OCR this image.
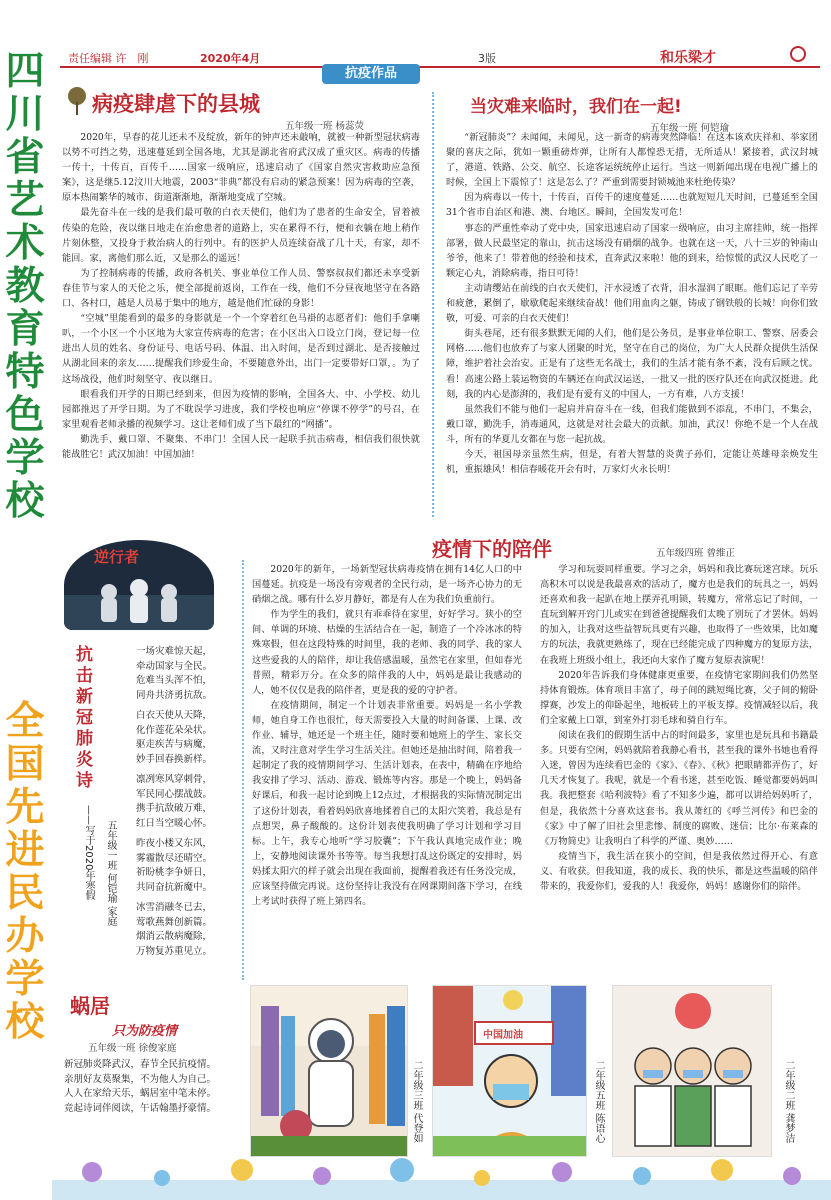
四川省艺术教育特色学校
全国先进民办学校
责任编辑 许　刚	2020年4月	3版	和乐梁才
抗疫作品
病疫肆虐下的县城
五年级一班 杨蕊荧

2020年，早春的花儿还未不及绽放，新年的钟声还未敲响，就被一种新型冠状病毒以势不可挡之势，迅速蔓延到全国各地，尤其是湖北省府武汉成了重灾区。病毒的传播一传十，十传百，百传千……国家一级响应，迅速启动了《国家自然灾害救助应急预案》，这是继5.12汶川大地震，2003“非典”都没有启动的紧急预案！因为病毒的空袭，原本热闹繁华的城市、街道渐渐地，渐渐地变成了空城。

最先奋斗在一线的是我们最可敬的白衣天使们，他们为了患者的生命安全，冒着被传染的危险，夜以继日地走在治愈患者的道路上，实在累得不行，便和衣躺在地上稍作片刻休整，又投身于救治病人的行列中。有的医护人员连续奋战了几十天，有家，却不能回。家，离他们那么近，又是那么的遥远！

为了控制病毒的传播，政府各机关、事业单位工作人员、警察叔叔们都还未享受新春佳节与家人的天伦之乐，便全部提前返岗，工作在一线，他们不分昼夜地坚守在各路口、各村口，越是人员易于集中的地方，越是他们忙碌的身影！

“空城”里能看到的最多的身影就是一个一个穿着红色马褂的志愿者们：他们手拿喇叭，一个小区一个小区地为大家宣传病毒的危害；在小区出入口设立门岗，登记每一位进出人员的姓名、身份证号、电话号码、体温、出入时间，是否到过湖北、是否接触过从湖北回来的亲友……提醒我们珍爱生命，不要随意外出，出门一定要带好口罩，。为了这场战役，他们时刻坚守、夜以继日。

眼看我们开学的日期已经到来，但因为疫情的影响，全国各大、中、小学校、幼儿园都推迟了开学日期。为了不耽误学习进度，我们学校也响应“停课不停学”的号召，在家里观看老师录播的视频学习。这让老师们成了当下最红的“网播”。

勤洗手、戴口罩、不聚集、不串门！全国人民一起联手抗击病毒，相信我们很快就能战胜它！武汉加油！中国加油！

当灾难来临时，我们在一起!
五年级一班 何铠瑜

“新冠肺炎”？未闻闻，未闻见，这一新奇的病毒突然降临！在这本该欢庆祥和、举家团聚的喜庆之际，犹如一颗重磅炸弹，让所有人都惶恐无措，无所适从！紧接着，武汉封城了，港道、铁路、公交、航空、长途客运统统停止运行。当这一则新闻出现在电视广播上的时候，全国上下震惊了！这是怎么了？严重到需要封锁城池来杜绝传染？

因为病毒以一传十，十传百，百传千的速度蔓延……也就短短几天时间，已蔓延至全国31个省市自治区和港、澳、台地区。瞬间，全国发发可危！

事态的严重性牵动了党中央，国家迅速启动了国家一级响应，由习主席挂帅，统一指挥部署，做人民最坚定的靠山，抗击这场没有硝烟的战争。也就在这一天，八十三岁的钟南山爷爷，他来了！带着他的经验和技术，直奔武汉来啦！他的到来，给惊慌的武汉人民吃了一颗定心丸，消除病毒，指日可待！

主动请缨站在前线的白衣天使们，汗水浸透了衣背，泪水湿润了眼眶。他们忘记了辛劳和疲惫，累倒了，歇歇爬起来继续奋战！他们用血肉之躯，铸成了钢铁般的长城！向你们致敬，可爱、可亲的白衣天使们！

街头巷尾，还有很多默默无闻的人们，他们是公务员，是事业单位职工、警察、居委会网格……他们也放弃了与家人团聚的时光，坚守在自己的岗位，为广大人民群众提供生活保障，维护着社会治安。正是有了这些无名战士，我们的生活才能有条不紊，没有后顾之忧。看！高速公路上装运物资的车辆还在向武汉运送，一批又一批的医疗队还在向武汉挺进。此刻，我的内心是澎湃的，我们是有爱有义的中国人，一方有难，八方支援！

虽然我们不能与他们一起肩并肩奋斗在一线，但我们能做到不添乱，不串门，不集会，戴口罩，勤洗手，消毒通风，这就是对社会最大的贡献。加油，武汉！你绝不是一个人在战斗，所有的华夏儿女都在与您一起抗战。

今天，祖国母亲虽然生病，但是，有着大智慧的炎黄子孙们，定能让英雄母亲焕发生机，重振雄风！相信春暖花开会有时，万家灯火永长明！

逆行者
抗击新冠肺炎诗
——写于2020年寒假 五年级一班 何铠瑜 家庭

一场灾难惊天起，

牵动国家与全民。

危难当头浑不怕，

同舟共济勇抗敌。

白衣天使从天降，

化作莲花朵朵状。

驱走疾苦与病魔，

妙手回春换新样。

凛冽寒风穿刺骨，

军民同心摆战鼓。

携手抗敌破万难，

红日当空暖心怀。

昨夜小楼又东风，

雾霾散尽还晴空。

祈盼桃李争妍日，

共同奋抗新魔中。

冰雪消融冬已去，

莺歌燕舞创新篇。

烟消云散病魔除，

万物复苏重见立。

疫情下的陪伴	五年级四班 曾维正

2020年的新年，一场新型冠状病毒疫情在拥有14亿人口的中国蔓延。抗疫是一场没有旁观者的全民行动，是一场齐心协力的无硝烟之战。哪有什么岁月静好，都是有人在为我们负重前行。

作为学生的我们，就只有乖乖待在家里，好好学习。狭小的空间、单调的环境、枯燥的生活结合在一起，制造了一个冷冰冰的特殊寒假，但在这段特殊的时间里，我的老师、我的同学、我的家人这些爱我的人的陪伴，却让我倍感温暖，虽然宅在家里，但如春光普照，精彩万分。在众多的陪伴我的人中，妈妈是最让我感动的人，她不仅仅是我的陪伴者，更是我的爱的守护者。

在疫情期间，制定一个计划表非常重要。妈妈是一名小学教师，她自身工作也很忙，每天需要投入大量的时间备课、上课、改作业、辅导，她还是一个班主任，随时要和她班上的学生、家长交流，又时注意对学生学习生活关注。但她还是抽出时间，陪着我一起制定了我的疫情期间学习、生活计划表，在表中，精确在序地给我安排了学习、活动、游戏、锻炼等内容。那是一个晚上，妈妈备好课后，和我一起讨论到晚上12点过，才根据我的实际情况制定出了这份计划表，看着妈妈欣喜地揉着自己的太阳穴笑着，我总是有点想哭，鼻子酸酸的。这份计划表使我明确了学习计划和学习目标。上午，我专心地听“学习胶囊”；下午我认真地完成作业；晚上，安静地阅读课外书等等。每当我想打乱这份既定的安排时，妈妈揉太阳穴的样子就会出现在我面前，提醒着我还有任务没完成，应该坚持做完再说。这份坚持让我没有在网课期间落下学习，在线上考试时获得了班上第四名。

学习和玩耍同样重要。学习之余，妈妈和我比赛玩迷宫球。玩乐高积木可以说是我最喜欢的活动了，魔方也是我们的玩具之一，妈妈还喜欢和我一起趴在地上摆弄孔明锁，转魔方，常常忘记了时间，一直玩到解开窍门儿或实在到爸爸提醒我们太晚了别玩了才罢休。妈妈的加入，让我对这些益智玩具更有兴趣，也取得了一些效果，比如魔方的玩法，我就更熟练了，现在已经能完成了四种魔方的复原方法，在我班上班级小组上，我还向大家作了魔方复原表演呢！

2020年告诉我们身体健康更重要，在疫情宅家期间我们仍然坚持体育锻炼。体育项目丰富了，母子间的跳短绳比赛，父子间的俯卧撑赛，沙发上的仰卧起坐，地板砖上的平板支撑。疫情减轻以后，我们全家戴上口罩，到室外打羽毛球和骑自行车。

阅读在我们的假期生活中占的时间最多，家里也是玩具和书籍最多。只要有空闲，妈妈就陪着我静心看书，甚至我的课外书她也看得入迷，曾因为连续看巴金的《家》、《春》、《秋》把眼睛都弄伤了，好几天才恢复了。我呢，就是一个看书迷，甚至吃饭、睡觉都要妈妈叫我。我把整套《哈利波特》看了不知多少遍，都可以讲给妈妈听了，但是，我依然十分喜欢这套书。我从萧红的《呼兰河传》和巴金的《家》中了解了旧社会里悲惨、制度的腐败、迷信；比尔·布莱森的《万物简史》让我明白了科学的严谨、奥妙……

疫情当下，我生活在狭小的空间，但是我依然过得开心、有意义、有收获。但我知道，我的成长、我的快乐，都是这些温暖的陪伴带来的，我爱你们，爱我的人！我爱你，妈妈！感谢你们的陪伴。

蜗居
只为防疫情
五年级一班 徐俊家庭

新冠肺炎降武汉，春节全民抗疫情。

亲朋好友莫聚集，不为他人为自己。

人人在家给天乐，蜗居室中笔未停。

竞起诗词伴阅读，午话翰墨抒豪情。	二年级三班 代登如
中国加油
二年级五班 陈语心	二年级二班 龚梦洁
